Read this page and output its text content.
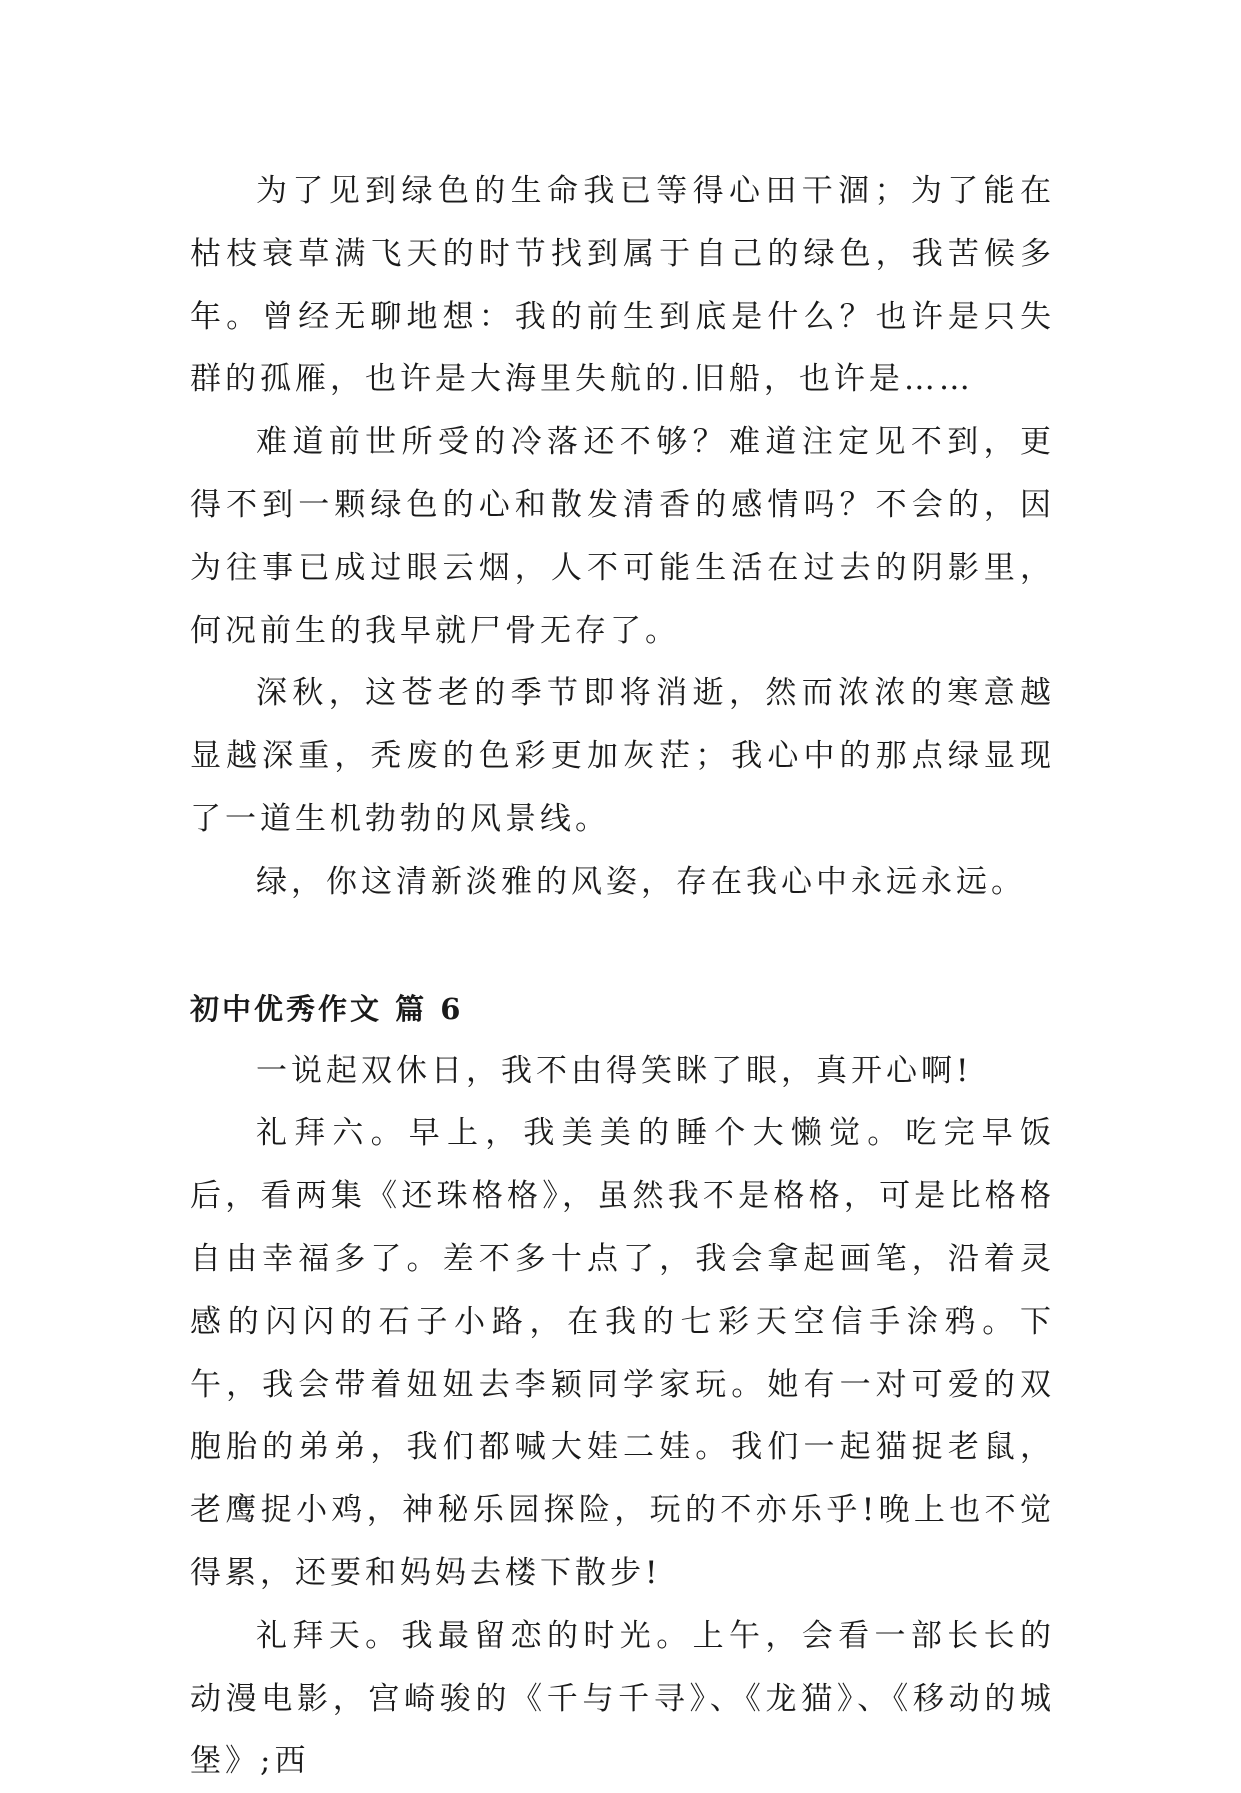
为了见到绿色的生命我已等得心田干涸；为了能在枯枝衰草满飞天的时节找到属于自己的绿色，我苦候多年。曾经无聊地想：我的前生到底是什么？也许是只失群的孤雁，也许是大海里失航的.旧船，也许是……

难道前世所受的冷落还不够？难道注定见不到，更得不到一颗绿色的心和散发清香的感情吗？不会的，因为往事已成过眼云烟，人不可能生活在过去的阴影里，何况前生的我早就尸骨无存了。

深秋，这苍老的季节即将消逝，然而浓浓的寒意越显越深重，秃废的色彩更加灰茫；我心中的那点绿显现了一道生机勃勃的风景线。

绿，你这清新淡雅的风姿，存在我心中永远永远。

初中优秀作文 篇 6

一说起双休日，我不由得笑眯了眼，真开心啊!

礼拜六。早上，我美美的睡个大懒觉。吃完早饭后，看两集《还珠格格》，虽然我不是格格，可是比格格自由幸福多了。差不多十点了，我会拿起画笔，沿着灵感的闪闪的石子小路，在我的七彩天空信手涂鸦。下午，我会带着妞妞去李颖同学家玩。她有一对可爱的双胞胎的弟弟，我们都喊大娃二娃。我们一起猫捉老鼠，老鹰捉小鸡，神秘乐园探险，玩的不亦乐乎!晚上也不觉得累，还要和妈妈去楼下散步!

礼拜天。我最留恋的时光。上午，会看一部长长的动漫电影，宫崎骏的《千与千寻》、《龙猫》、《移动的城堡》;西
